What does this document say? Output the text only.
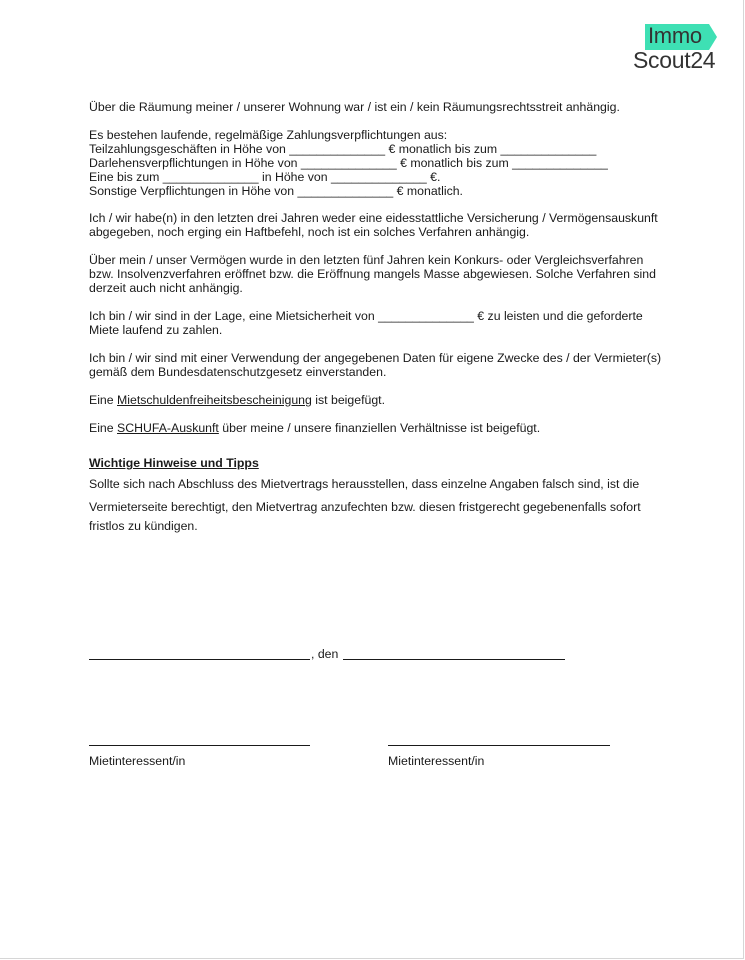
Immo
Scout24
Über die Räumung meiner / unserer Wohnung war / ist ein / kein Räumungsrechtsstreit anhängig.
Es bestehen laufende, regelmäßige Zahlungsverpflichtungen aus:
Teilzahlungsgeschäften in Höhe von ______________ € monatlich bis zum ______________
Darlehensverpflichtungen in Höhe von ______________ € monatlich bis zum ______________
Eine bis zum ______________ in Höhe von ______________ €.
Sonstige Verpflichtungen in Höhe von ______________ € monatlich.
Ich / wir habe(n) in den letzten drei Jahren weder eine eidesstattliche Versicherung / Vermögensauskunft
abgegeben, noch erging ein Haftbefehl, noch ist ein solches Verfahren anhängig.
Über mein / unser Vermögen wurde in den letzten fünf Jahren kein Konkurs- oder Vergleichsverfahren
bzw. Insolvenzverfahren eröffnet bzw. die Eröffnung mangels Masse abgewiesen. Solche Verfahren sind
derzeit auch nicht anhängig.
Ich bin / wir sind in der Lage, eine Mietsicherheit von ______________ € zu leisten und die geforderte
Miete laufend zu zahlen.
Ich bin / wir sind mit einer Verwendung der angegebenen Daten für eigene Zwecke des / der Vermieter(s)
gemäß dem Bundesdatenschutzgesetz einverstanden.
Eine Mietschuldenfreiheitsbescheinigung ist beigefügt.
Eine SCHUFA-Auskunft über meine / unsere finanziellen Verhältnisse ist beigefügt.
Wichtige Hinweise und Tipps
Sollte sich nach Abschluss des Mietvertrags herausstellen, dass einzelne Angaben falsch sind, ist die
Vermieterseite berechtigt, den Mietvertrag anzufechten bzw. diesen fristgerecht gegebenenfalls sofort
fristlos zu kündigen.
, den
Mietinteressent/in	Mietinteressent/in
